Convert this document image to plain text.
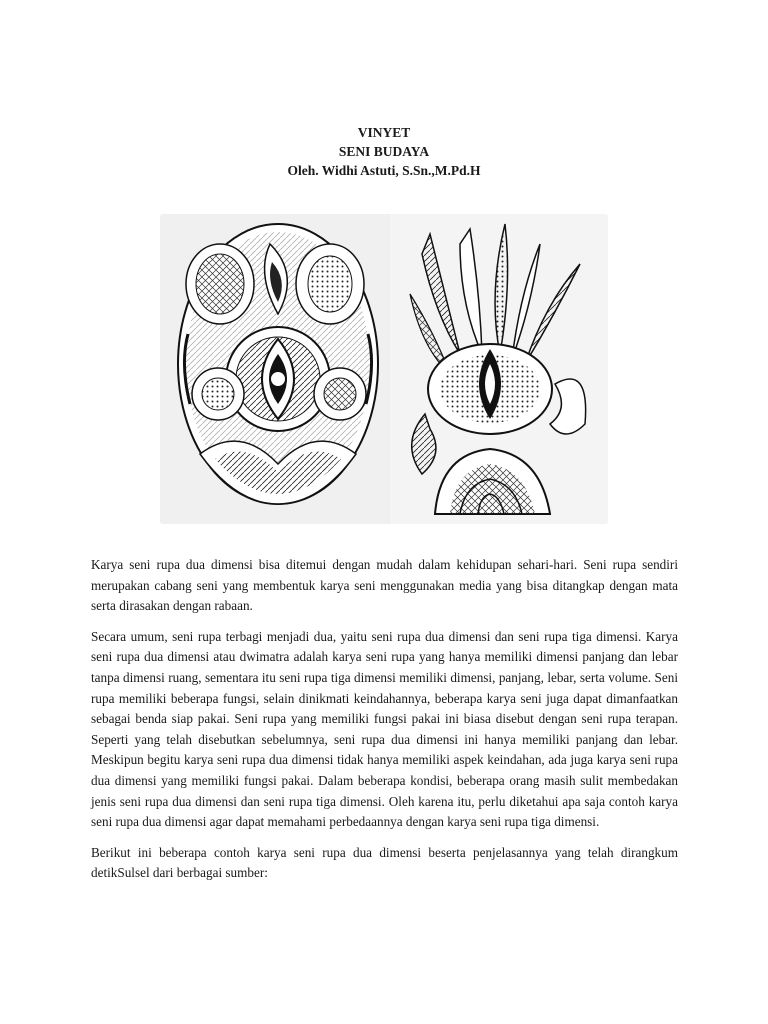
VINYET
SENI BUDAYA
Oleh. Widhi Astuti, S.Sn.,M.Pd.H

Karya seni rupa dua dimensi bisa ditemui dengan mudah dalam kehidupan sehari-hari. Seni rupa sendiri merupakan cabang seni yang membentuk karya seni menggunakan media yang bisa ditangkap dengan mata serta dirasakan dengan rabaan.

Secara umum, seni rupa terbagi menjadi dua, yaitu seni rupa dua dimensi dan seni rupa tiga dimensi. Karya seni rupa dua dimensi atau dwimatra adalah karya seni rupa yang hanya memiliki dimensi panjang dan lebar tanpa dimensi ruang, sementara itu seni rupa tiga dimensi memiliki dimensi, panjang, lebar, serta volume. Seni rupa memiliki beberapa fungsi, selain dinikmati keindahannya, beberapa karya seni juga dapat dimanfaatkan sebagai benda siap pakai. Seni rupa yang memiliki fungsi pakai ini biasa disebut dengan seni rupa terapan. Seperti yang telah disebutkan sebelumnya, seni rupa dua dimensi ini hanya memiliki panjang dan lebar. Meskipun begitu karya seni rupa dua dimensi tidak hanya memiliki aspek keindahan, ada juga karya seni rupa dua dimensi yang memiliki fungsi pakai. Dalam beberapa kondisi, beberapa orang masih sulit membedakan jenis seni rupa dua dimensi dan seni rupa tiga dimensi. Oleh karena itu, perlu diketahui apa saja contoh karya seni rupa dua dimensi agar dapat memahami perbedaannya dengan karya seni rupa tiga dimensi.

Berikut ini beberapa contoh karya seni rupa dua dimensi beserta penjelasannya yang telah dirangkum detikSulsel dari berbagai sumber:
